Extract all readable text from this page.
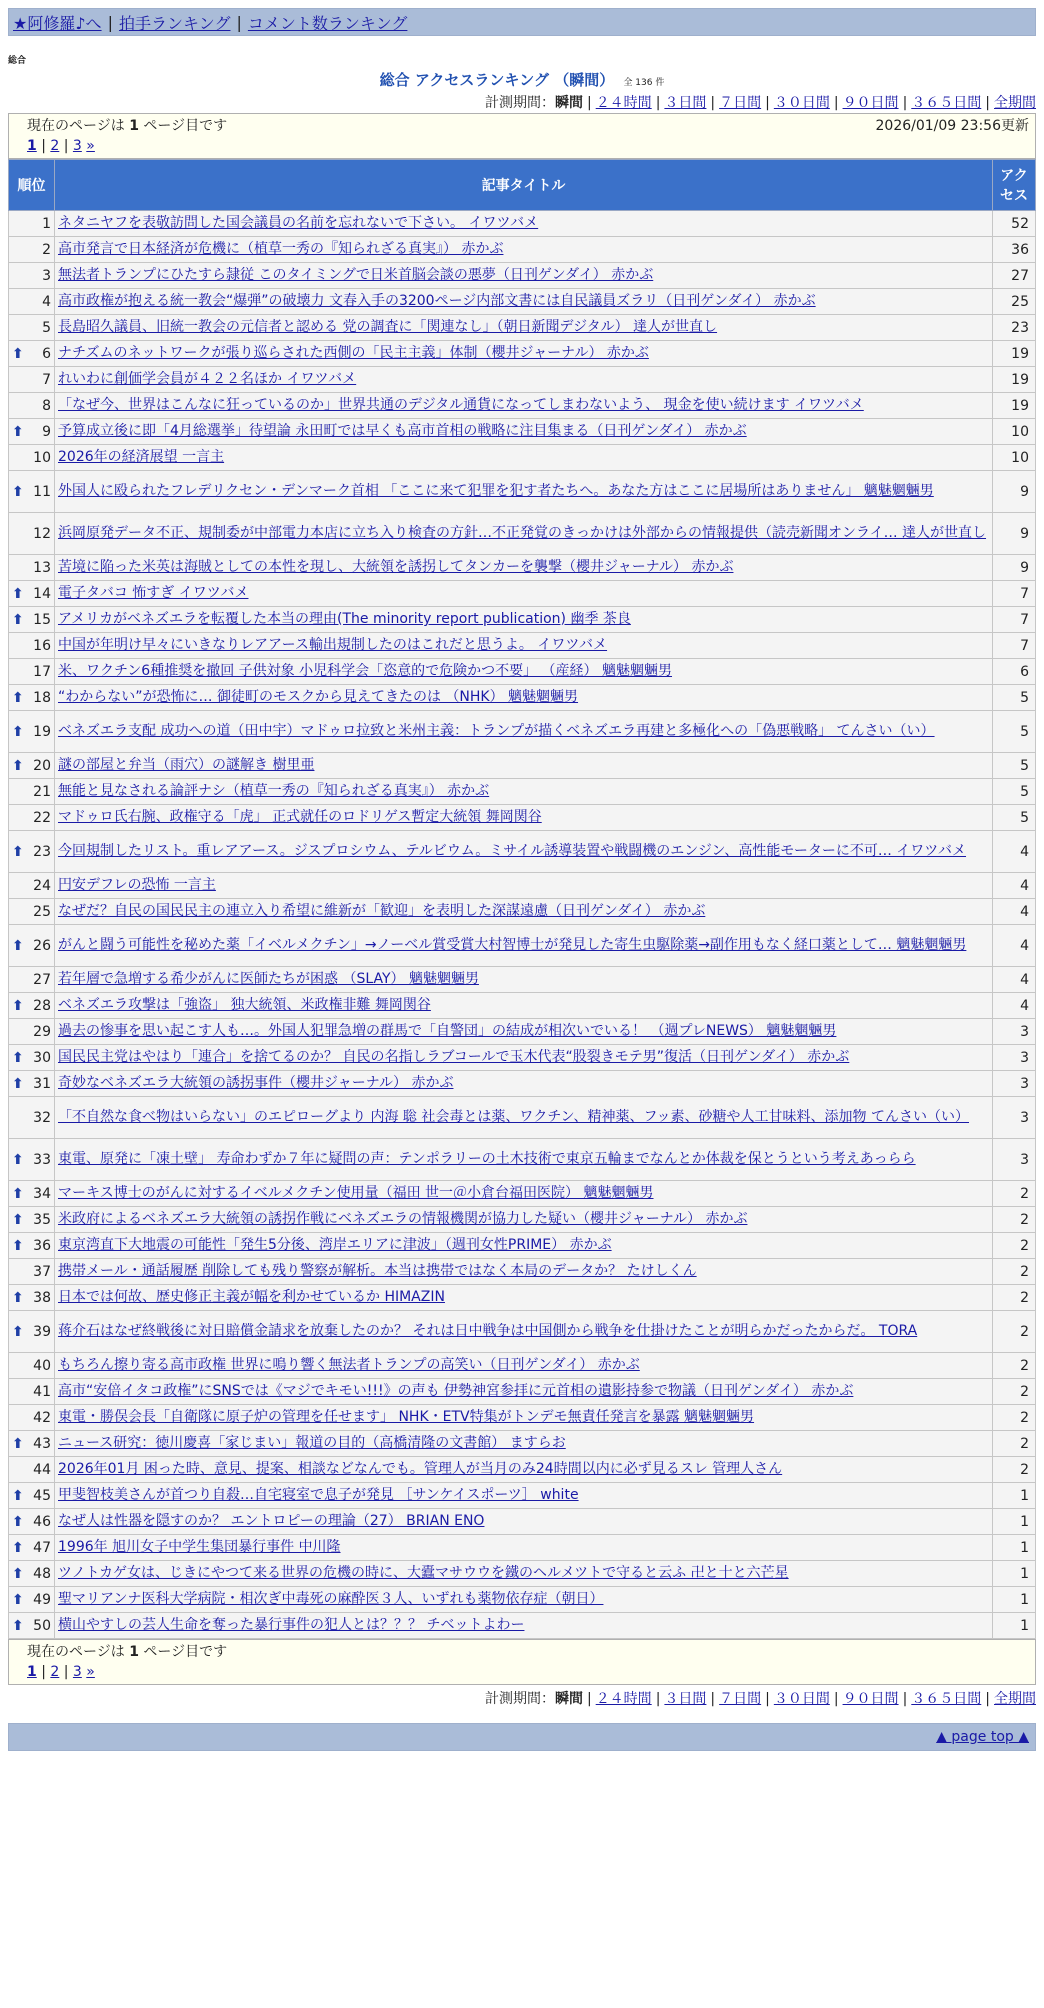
★阿修羅♪へ | 拍手ランキング | コメント数ランキング
総合
総合 アクセスランキング （瞬間） 全 136 件
計測期間：瞬間 | ２４時間 | ３日間 | ７日間 | ３０日間 | ９０日間 | ３６５日間 | 全期間
現在のページは 1 ページ目です	2026/01/09 23:56更新
1 | 2 | 3 »
順位	記事タイトル	アクセス
1	ネタニヤフを表敬訪問した国会議員の名前を忘れないで下さい。 イワツバメ	52
2	高市発言で日本経済が危機に（植草一秀の『知られざる真実』） 赤かぶ	36
3	無法者トランプにひたすら隷従 このタイミングで日米首脳会談の悪夢（日刊ゲンダイ） 赤かぶ	27
4	高市政権が抱える統一教会“爆弾”の破壊力 文春入手の3200ページ内部文書には自民議員ズラリ（日刊ゲンダイ） 赤かぶ	25
5	長島昭久議員、旧統一教会の元信者と認める 党の調査に「関連なし」（朝日新聞デジタル） 達人が世直し	23

⬆ 6	ナチズムのネットワークが張り巡らされた西側の「民主主義」体制（櫻井ジャーナル） 赤かぶ	19
7	れいわに創価学会員が４２２名ほか イワツバメ	19
8	「なぜ今、世界はこんなに狂っているのか」世界共通のデジタル通貨になってしまわないよう、 現金を使い続けます イワツバメ	19

⬆ 9	予算成立後に即「4月総選挙」待望論 永田町では早くも高市首相の戦略に注目集まる（日刊ゲンダイ） 赤かぶ	10
10	2026年の経済展望 一言主	10

⬆ 11	外国人に殴られたフレデリクセン・デンマーク首相 「ここに来て犯罪を犯す者たちへ。あなた方はここに居場所はありません」 魑魅魍魎男	9
12	浜岡原発データ不正、規制委が中部電力本店に立ち入り検査の方針…不正発覚のきっかけは外部からの情報提供（読売新聞オンライ… 達人が世直し	9
13	苦境に陥った米英は海賊としての本性を現し、大統領を誘拐してタンカーを襲撃（櫻井ジャーナル） 赤かぶ	9

⬆ 14	電子タバコ 怖すぎ イワツバメ	7

⬆ 15	アメリカがベネズエラを転覆した本当の理由(The minority report publication) 幽季 茶良	7
16	中国が年明け早々にいきなりレアアース輸出規制したのはこれだと思うよ。 イワツバメ	7
17	米、ワクチン6種推奨を撤回 子供対象 小児科学会「恣意的で危険かつ不要」 （産経） 魑魅魍魎男	6

⬆ 18	“わからない”が恐怖に… 御徒町のモスクから見えてきたのは （NHK） 魑魅魍魎男	5

⬆ 19	ベネズエラ支配 成功への道（田中宇）マドゥロ拉致と米州主義：トランプが描くベネズエラ再建と多極化への「偽悪戦略」 てんさい（い）	5

⬆ 20	謎の部屋と弁当（雨穴）の謎解き 樹里亜	5
21	無能と見なされる論評ナシ（植草一秀の『知られざる真実』） 赤かぶ	5
22	マドゥロ氏右腕、政権守る「虎」 正式就任のロドリゲス暫定大統領 舞岡関谷	5

⬆ 23	今回規制したリスト。重レアアース。ジスプロシウム、テルビウム。ミサイル誘導装置や戦闘機のエンジン、高性能モーターに不可… イワツバメ	4
24	円安デフレの恐怖 一言主	4
25	なぜだ？自民の国民民主の連立入り希望に維新が「歓迎」を表明した深謀遠慮（日刊ゲンダイ） 赤かぶ	4

⬆ 26	がんと闘う可能性を秘めた薬「イベルメクチン」→ノーベル賞受賞大村智博士が発見した寄生虫駆除薬→副作用もなく経口薬として… 魑魅魍魎男	4
27	若年層で急増する希少がんに医師たちが困惑 （SLAY） 魑魅魍魎男	4

⬆ 28	ベネズエラ攻撃は「強盗」 独大統領、米政権非難 舞岡関谷	4
29	過去の惨事を思い起こす人も…。外国人犯罪急増の群馬で「自警団」の結成が相次いでいる！ （週プレNEWS） 魑魅魍魎男	3

⬆ 30	国民民主党はやはり「連合」を捨てるのか？ 自民の名指しラブコールで玉木代表“股裂きモテ男”復活（日刊ゲンダイ） 赤かぶ	3

⬆ 31	奇妙なベネズエラ大統領の誘拐事件（櫻井ジャーナル） 赤かぶ	3
32	「不自然な食べ物はいらない」のエピローグより 内海 聡 社会毒とは薬、ワクチン、精神薬、フッ素、砂糖や人工甘味料、添加物 てんさい（い）	3

⬆ 33	東電、原発に「凍土壁」 寿命わずか７年に疑問の声：テンポラリーの土木技術で東京五輪までなんとか体裁を保とうという考えあっらら	3

⬆ 34	マーキス博士のがんに対するイベルメクチン使用量（福田 世一＠小倉台福田医院） 魑魅魍魎男	2

⬆ 35	米政府によるベネズエラ大統領の誘拐作戦にベネズエラの情報機関が協力した疑い（櫻井ジャーナル） 赤かぶ	2

⬆ 36	東京湾直下大地震の可能性「発生5分後、湾岸エリアに津波」（週刊女性PRIME） 赤かぶ	2
37	携帯メール・通話履歴 削除しても残り警察が解析。本当は携帯ではなく本局のデータか？ たけしくん	2

⬆ 38	日本では何故、歴史修正主義が幅を利かせているか HIMAZIN	2

⬆ 39	蒋介石はなぜ終戦後に対日賠償金請求を放棄したのか？ それは日中戦争は中国側から戦争を仕掛けたことが明らかだったからだ。 TORA	2
40	もちろん擦り寄る高市政権 世界に鳴り響く無法者トランプの高笑い（日刊ゲンダイ） 赤かぶ	2
41	高市“安倍イタコ政権”にSNSでは《マジでキモい!!!》の声も 伊勢神宮参拝に元首相の遺影持参で物議（日刊ゲンダイ） 赤かぶ	2
42	東電・勝俣会長「自衛隊に原子炉の管理を任せます」 NHK・ETV特集がトンデモ無責任発言を暴露 魑魅魍魎男	2

⬆ 43	ニュース研究：徳川慶喜「家じまい」報道の目的（高橋清隆の文書館） ますらお	2
44	2026年01月 困った時、意見、提案、相談などなんでも。管理人が当月のみ24時間以内に必ず見るスレ 管理人さん	2

⬆ 45	甲斐智枝美さんが首つり自殺…自宅寝室で息子が発見 ［サンケイスポーツ］ white	1

⬆ 46	なぜ人は性器を隠すのか？ エントロピーの理論（27） BRIAN ENO	1

⬆ 47	1996年 旭川女子中学生集団暴行事件 中川隆	1

⬆ 48	ツノトカゲ女は、じきにやつて来る世界の危機の時に、大蠹マサウウを鐵のヘルメツトで守ると云ふ 卍と十と六芒星	1

⬆ 49	聖マリアンナ医科大学病院・相次ぎ中毒死の麻酔医３人、いずれも薬物依存症（朝日）	1

⬆ 50	横山やすしの芸人生命を奪った暴行事件の犯人とは？？？ チベットよわー	1
現在のページは 1 ページ目です
1 | 2 | 3 »
計測期間：瞬間 | ２４時間 | ３日間 | ７日間 | ３０日間 | ９０日間 | ３６５日間 | 全期間
▲ page top ▲
